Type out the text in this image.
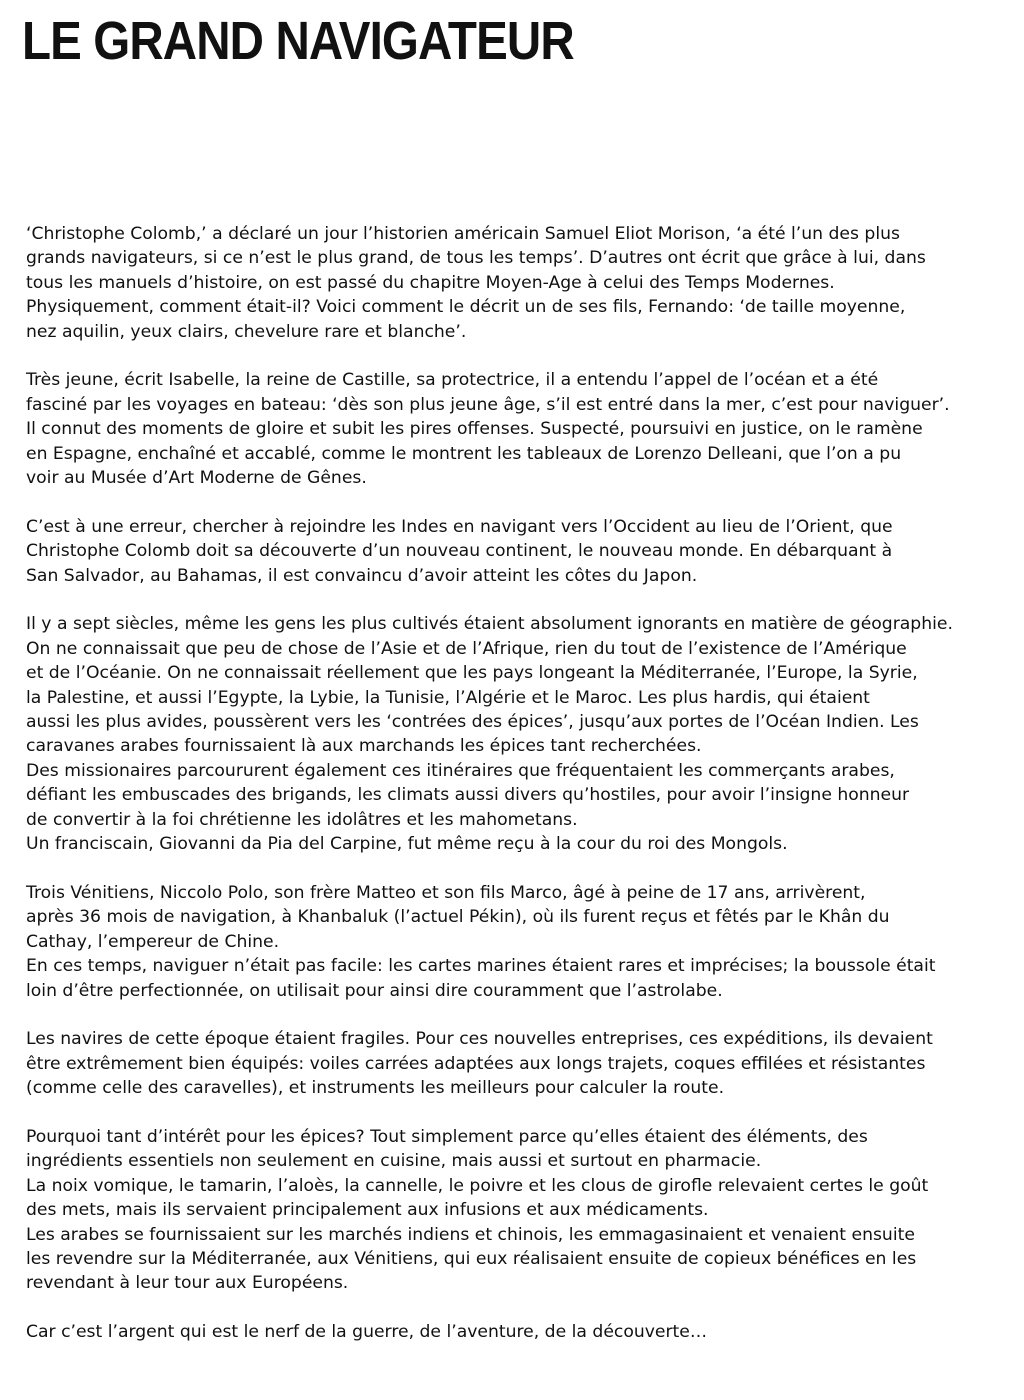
LE GRAND NAVIGATEUR

‘Christophe Colomb,’ a déclaré un jour l’historien américain Samuel Eliot Morison, ‘a été l’un des plus
grands navigateurs, si ce n’est le plus grand, de tous les temps’. D’autres ont écrit que grâce à lui, dans
tous les manuels d’histoire, on est passé du chapitre Moyen-Age à celui des Temps Modernes.
Physiquement, comment était-il? Voici comment le décrit un de ses fils, Fernando: ‘de taille moyenne,
nez aquilin, yeux clairs, chevelure rare et blanche’.

Très jeune, écrit Isabelle, la reine de Castille, sa protectrice, il a entendu l’appel de l’océan et a été
fasciné par les voyages en bateau: ‘dès son plus jeune âge, s’il est entré dans la mer, c’est pour naviguer’.
Il connut des moments de gloire et subit les pires offenses. Suspecté, poursuivi en justice, on le ramène
en Espagne, enchaîné et accablé, comme le montrent les tableaux de Lorenzo Delleani, que l’on a pu
voir au Musée d’Art Moderne de Gênes.

C’est à une erreur, chercher à rejoindre les Indes en navigant vers l’Occident au lieu de l’Orient, que
Christophe Colomb doit sa découverte d’un nouveau continent, le nouveau monde. En débarquant à
San Salvador, au Bahamas, il est convaincu d’avoir atteint les côtes du Japon.

Il y a sept siècles, même les gens les plus cultivés étaient absolument ignorants en matière de géographie.
On ne connaissait que peu de chose de l’Asie et de l’Afrique, rien du tout de l’existence de l’Amérique
et de l’Océanie. On ne connaissait réellement que les pays longeant la Méditerranée, l’Europe, la Syrie,
la Palestine, et aussi l’Egypte, la Lybie, la Tunisie, l’Algérie et le Maroc. Les plus hardis, qui étaient
aussi les plus avides, poussèrent vers les ‘contrées des épices’, jusqu’aux portes de l’Océan Indien. Les
caravanes arabes fournissaient là aux marchands les épices tant recherchées.
Des missionaires parcoururent également ces itinéraires que fréquentaient les commerçants arabes,
défiant les embuscades des brigands, les climats aussi divers qu’hostiles, pour avoir l’insigne honneur
de convertir à la foi chrétienne les idolâtres et les mahometans.
Un franciscain, Giovanni da Pia del Carpine, fut même reçu à la cour du roi des Mongols.

Trois Vénitiens, Niccolo Polo, son frère Matteo et son fils Marco, âgé à peine de 17 ans, arrivèrent,
après 36 mois de navigation, à Khanbaluk (l’actuel Pékin), où ils furent reçus et fêtés par le Khân du
Cathay, l’empereur de Chine.
En ces temps, naviguer n’était pas facile: les cartes marines étaient rares et imprécises; la boussole était
loin d’être perfectionnée, on utilisait pour ainsi dire couramment que l’astrolabe.

Les navires de cette époque étaient fragiles. Pour ces nouvelles entreprises, ces expéditions, ils devaient
être extrêmement bien équipés: voiles carrées adaptées aux longs trajets, coques effilées et résistantes
(comme celle des caravelles), et instruments les meilleurs pour calculer la route.

Pourquoi tant d’intérêt pour les épices? Tout simplement parce qu’elles étaient des éléments, des
ingrédients essentiels non seulement en cuisine, mais aussi et surtout en pharmacie.
La noix vomique, le tamarin, l’aloès, la cannelle, le poivre et les clous de girofle relevaient certes le goût
des mets, mais ils servaient principalement aux infusions et aux médicaments.
Les arabes se fournissaient sur les marchés indiens et chinois, les emmagasinaient et venaient ensuite
les revendre sur la Méditerranée, aux Vénitiens, qui eux réalisaient ensuite de copieux bénéfices en les
revendant à leur tour aux Européens.

Car c’est l’argent qui est le nerf de la guerre, de l’aventure, de la découverte…
